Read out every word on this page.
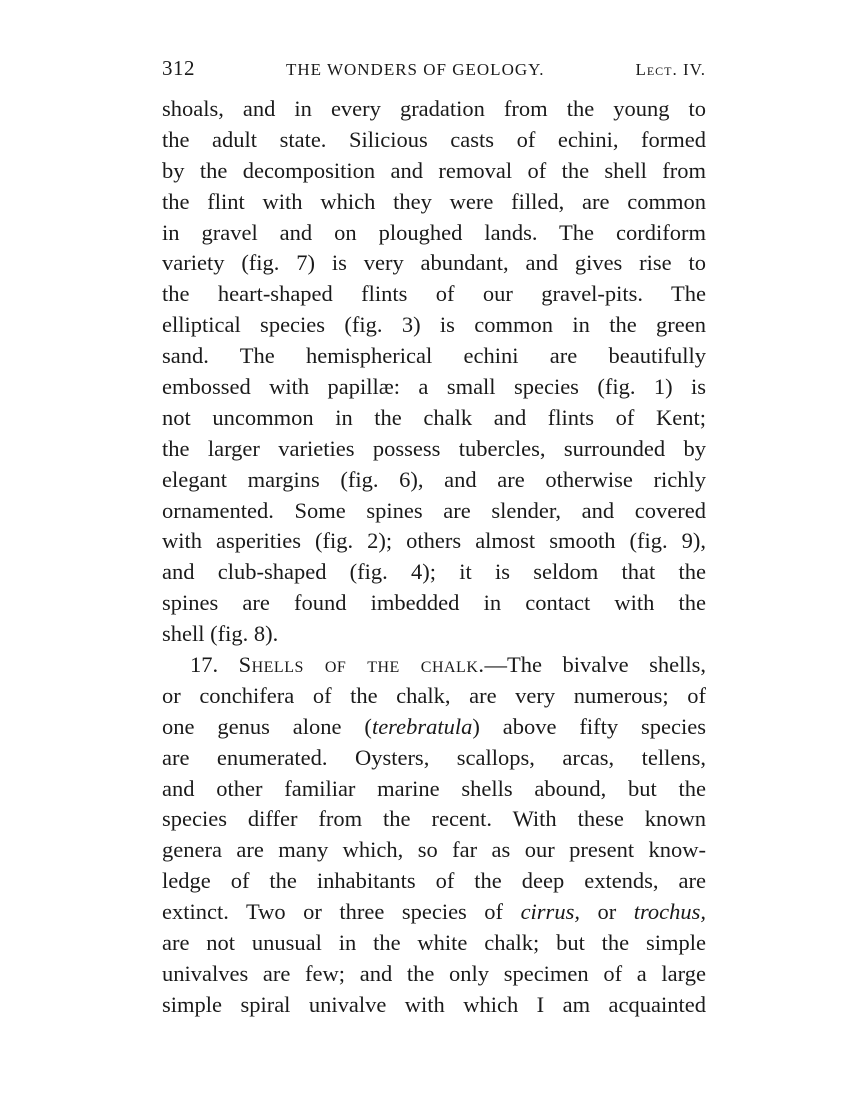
312	THE WONDERS OF GEOLOGY.	Lect. IV.
shoals, and in every gradation from the young to
the adult state. Silicious casts of echini, formed
by the decomposition and removal of the shell from
the flint with which they were filled, are common
in gravel and on ploughed lands. The cordiform
variety (fig. 7) is very abundant, and gives rise to
the heart-shaped flints of our gravel-pits. The
elliptical species (fig. 3) is common in the green
sand. The hemispherical echini are beautifully
embossed with papillæ: a small species (fig. 1) is
not uncommon in the chalk and flints of Kent;
the larger varieties possess tubercles, surrounded by
elegant margins (fig. 6), and are otherwise richly
ornamented. Some spines are slender, and covered
with asperities (fig. 2); others almost smooth (fig. 9),
and club-shaped (fig. 4); it is seldom that the
spines are found imbedded in contact with the
shell (fig. 8).
17. Shells of the chalk.—The bivalve shells,
or conchifera of the chalk, are very numerous; of
one genus alone (terebratula) above fifty species
are enumerated. Oysters, scallops, arcas, tellens,
and other familiar marine shells abound, but the
species differ from the recent. With these known
genera are many which, so far as our present know-
ledge of the inhabitants of the deep extends, are
extinct. Two or three species of cirrus, or trochus,
are not unusual in the white chalk; but the simple
univalves are few; and the only specimen of a large
simple spiral univalve with which I am acquainted
